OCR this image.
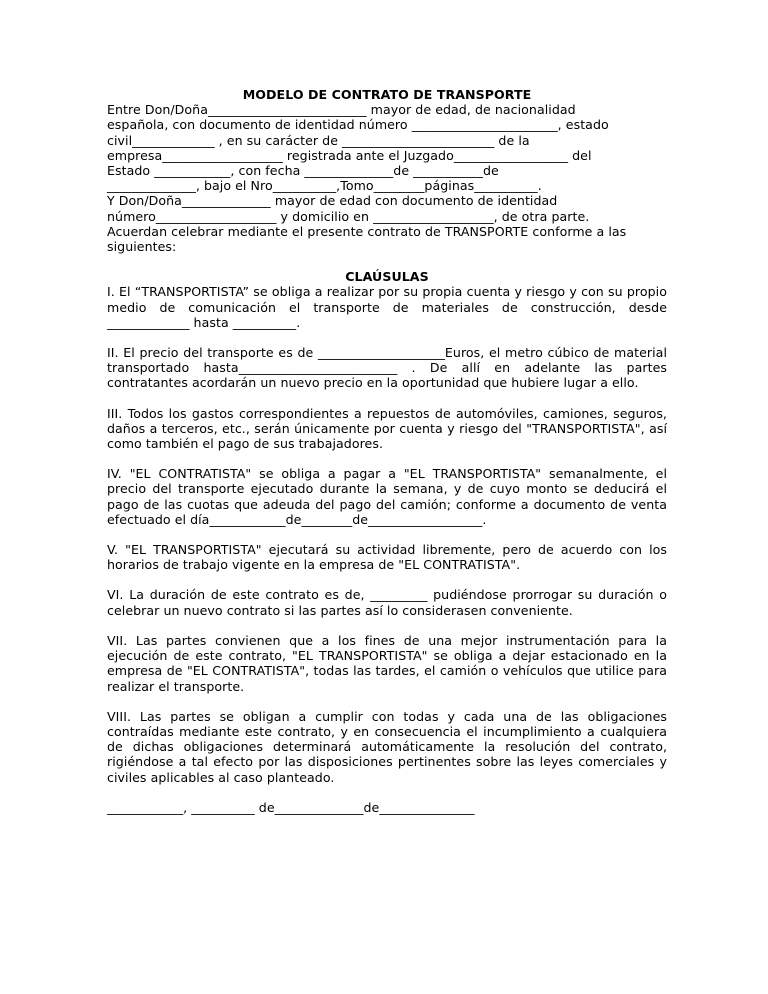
MODELO DE CONTRATO DE TRANSPORTE

Entre Don/Doña_________________________ mayor de edad, de nacionalidad
española, con documento de identidad número _______________________, estado
civil_____________ , en su carácter de ________________________ de la
empresa___________________ registrada ante el Juzgado__________________ del
Estado ____________, con fecha ______________de ___________de
______________, bajo el Nro__________,Tomo________páginas__________.
Y Don/Doña______________ mayor de edad con documento de identidad
número___________________ y domicilio en ___________________, de otra parte.
Acuerdan celebrar mediante el presente contrato de TRANSPORTE conforme a las
siguientes:

CLAÚSULAS

I. El “TRANSPORTISTA” se obliga a realizar por su propia cuenta y riesgo y con su propio medio de comunicación el transporte de materiales de construcción, desde _____________ hasta __________.

II. El precio del transporte es de ____________________Euros, el metro cúbico de material transportado hasta_________________________ . De allí en adelante las partes contratantes acordarán un nuevo precio en la oportunidad que hubiere lugar a ello.

III. Todos los gastos correspondientes a repuestos de automóviles, camiones, seguros, daños a terceros, etc., serán únicamente por cuenta y riesgo del "TRANSPORTISTA", así como también el pago de sus trabajadores.

IV. "EL CONTRATISTA" se obliga a pagar a "EL TRANSPORTISTA" semanalmente, el precio del transporte ejecutado durante la semana, y de cuyo monto se deducirá el pago de las cuotas que adeuda del pago del camión; conforme a documento de venta efectuado el día____________de________de__________________.

V. "EL TRANSPORTISTA" ejecutará su actividad libremente, pero de acuerdo con los horarios de trabajo vigente en la empresa de "EL CONTRATISTA".

VI. La duración de este contrato es de, _________ pudiéndose prorrogar su duración o celebrar un nuevo contrato si las partes así lo considerasen conveniente.

VII. Las partes convienen que a los fines de una mejor instrumentación para la ejecución de este contrato, "EL TRANSPORTISTA" se obliga a dejar estacionado en la empresa de "EL CONTRATISTA", todas las tardes, el camión o vehículos que utilice para realizar el transporte.

VIII. Las partes se obligan a cumplir con todas y cada una de las obligaciones contraídas mediante este contrato, y en consecuencia el incumplimiento a cualquiera de dichas obligaciones determinará automáticamente la resolución del contrato, rigiéndose a tal efecto por las disposiciones pertinentes sobre las leyes comerciales y civiles aplicables al caso planteado.

____________, __________ de______________de_______________
